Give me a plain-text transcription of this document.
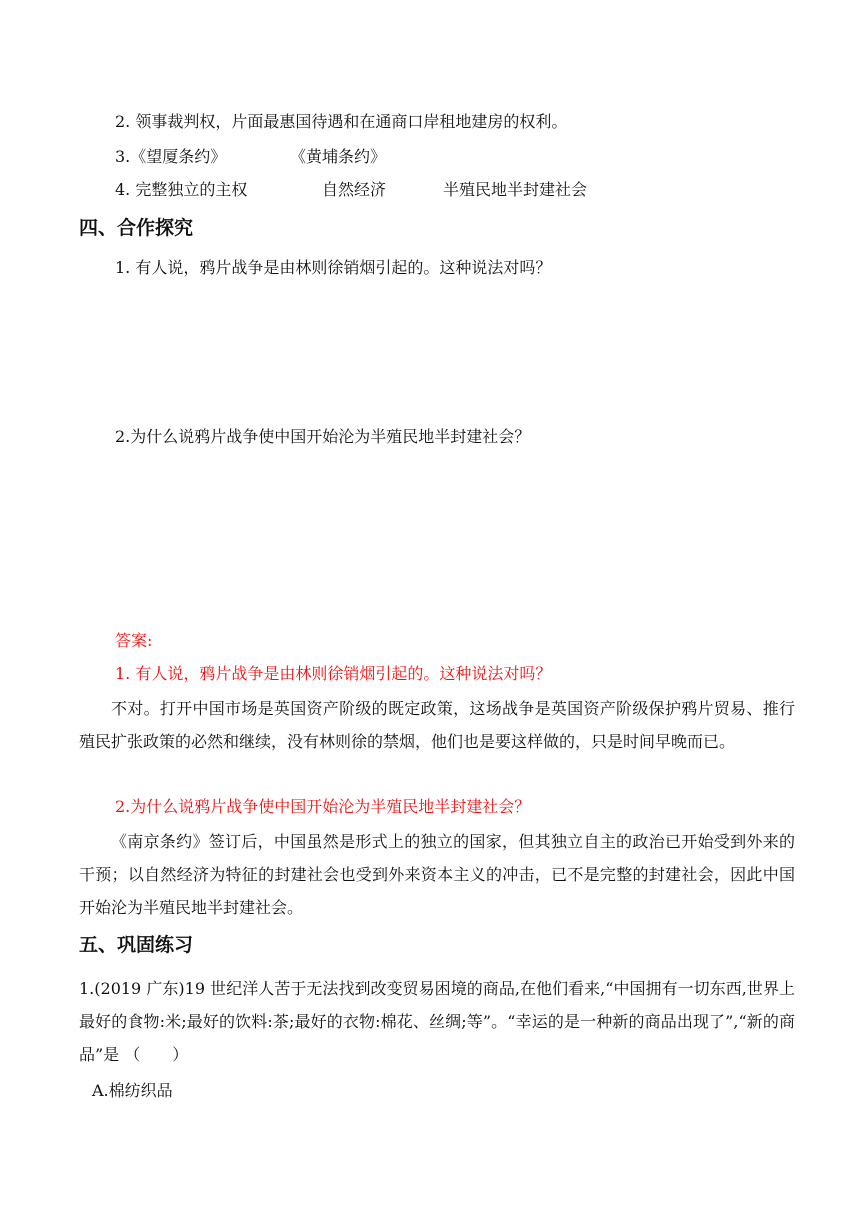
2. 领事裁判权，片面最惠国待遇和在通商口岸租地建房的权利。
3.《望厦条约》	《黄埔条约》
4. 完整独立的主权	自然经济	半殖民地半封建社会
四、合作探究
1. 有人说，鸦片战争是由林则徐销烟引起的。这种说法对吗？
2.为什么说鸦片战争使中国开始沦为半殖民地半封建社会？
答案:
1. 有人说，鸦片战争是由林则徐销烟引起的。这种说法对吗？
不对。打开中国市场是英国资产阶级的既定政策，这场战争是英国资产阶级保护鸦片贸易、推行殖民扩张政策的必然和继续，没有林则徐的禁烟，他们也是要这样做的，只是时间早晚而已。
2.为什么说鸦片战争使中国开始沦为半殖民地半封建社会？
《南京条约》签订后，中国虽然是形式上的独立的国家，但其独立自主的政治已开始受到外来的干预；以自然经济为特征的封建社会也受到外来资本主义的冲击，已不是完整的封建社会，因此中国开始沦为半殖民地半封建社会。
五、巩固练习
1.(2019 广东)19 世纪洋人苦于无法找到改变贸易困境的商品,在他们看来,“中国拥有一切东西,世界上最好的食物:米;最好的饮料:茶;最好的衣物:棉花、丝绸;等”。“幸运的是一种新的商品出现了”,“新的商品”是 （　　）
A.棉纺织品
